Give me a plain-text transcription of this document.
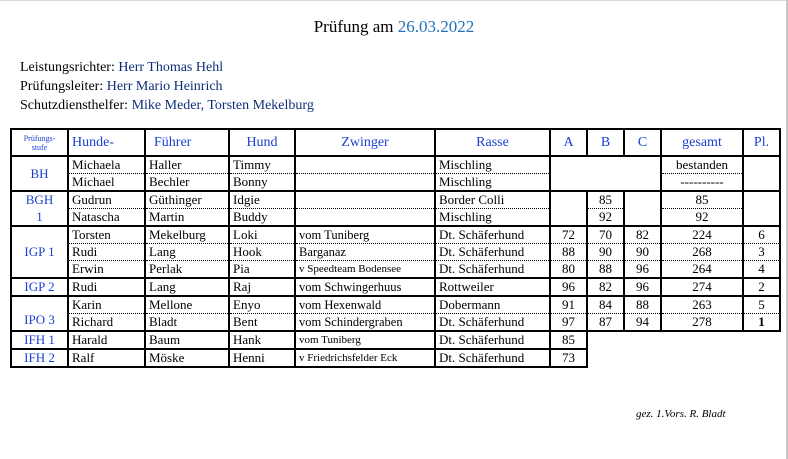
Prüfung am 26.03.2022
Leistungsrichter: Herr Thomas Hehl
Prüfungsleiter: Herr Mario Heinrich
Schutzdiensthelfer: Mike Meder, Torsten Mekelburg
Prüfungs-
stufe	Hunde-	Führer	Hund	Zwinger	Rasse	A	B	C	gesamt	Pl.
BH	Michaela	Haller	Timmy		Mischling				bestanden	
	Michael	Bechler	Bonny		Mischling				----------	
BGH	Gudrun	Güthinger	Idgie		Border Colli		85		85	
1	Natascha	Martin	Buddy		Mischling		92		92	
IGP 1	Torsten	Mekelburg	Loki	vom Tuniberg	Dt. Schäferhund	72	70	82	224	6
	Rudi	Lang	Hook	Barganaz	Dt. Schäferhund	88	90	90	268	3
	Erwin	Perlak	Pia	v Speedteam Bodensee	Dt. Schäferhund	80	88	96	264	4
IGP 2	Rudi	Lang	Raj	vom Schwingerhuus	Rottweiler	96	82	96	274	2
IPO 3	Karin	Mellone	Enyo	vom Hexenwald	Dobermann	91	84	88	263	5
	Richard	Bladt	Bent	vom Schindergraben	Dt. Schäferhund	97	87	94	278	1
IFH 1	Harald	Baum	Hank	vom Tuniberg	Dt. Schäferhund	85				
IFH 2	Ralf	Möske	Henni	v Friedrichsfelder Eck	Dt. Schäferhund	73				
gez. 1.Vors. R. Bladt
